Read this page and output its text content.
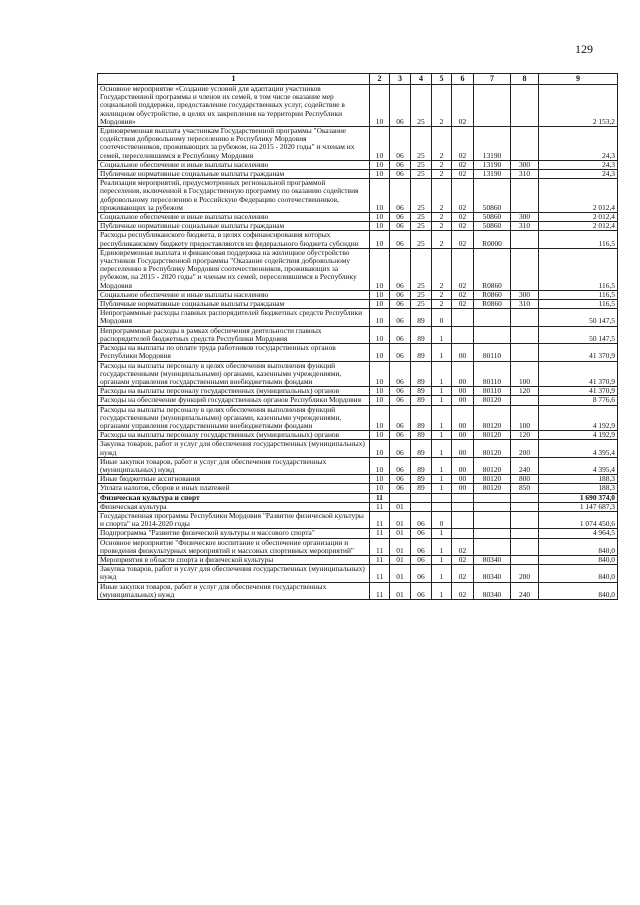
129
1	2	3	4	5	6	7	8	9
Основное мероприятие «Создание условий для адаптации участников Государственной программы и членов их семей, в том числе оказание мер социальной поддержки, предоставление государственных услуг, содействие в жилищном обустройстве, в целях их закрепления на территории Республики Мордовия»	10	06	25	2	02			2 153,2
Единовременная выплата участникам Государственной программы "Оказание содействия добровольному переселению в Республику Мордовия соотечественников, проживающих за рубежом, на 2015 - 2020 годы" и членам их семей, переселившимся в Республику Мордовия	10	06	25	2	02	13190		24,3
Социальное обеспечение и иные выплаты населению	10	06	25	2	02	13190	300	24,3
Публичные нормативные социальные выплаты гражданам	10	06	25	2	02	13190	310	24,3
Реализация мероприятий, предусмотренных региональной программой переселения, включенной в Государственную программу по оказанию содействия добровольному переселению в Российскую Федерацию соотечественников, проживающих за рубежом	10	06	25	2	02	50860		2 012,4
Социальное обеспечение и иные выплаты населению	10	06	25	2	02	50860	300	2 012,4
Публичные нормативные социальные выплаты гражданам	10	06	25	2	02	50860	310	2 012,4
Расходы республиканского бюджета, в целях софинансирования которых республиканскому бюджету предоставляются из федерального бюджета субсидии	10	06	25	2	02	R0000		116,5
Единовременная выплата и финансовая поддержка на жилищное обустройство участников Государственной программы "Оказание содействия добровольному переселению в Республику Мордовия соотечественников, проживающих за рубежом, на 2015 - 2020 годы" и членам их семей, переселившимся в Республику Мордовия	10	06	25	2	02	R0860		116,5
Социальное обеспечение и иные выплаты населению	10	06	25	2	02	R0860	300	116,5
Публичные нормативные социальные выплаты гражданам	10	06	25	2	02	R0860	310	116,5
Непрограммные расходы главных распорядителей бюджетных средств Республики Мордовия	10	06	89	0				50 147,5
Непрограммные расходы в рамках обеспечения деятельности главных распорядителей бюджетных средств Республики Мордовия	10	06	89	1				50 147,5
Расходы на выплаты по оплате труда работников государственных органов Республики Мордовия	10	06	89	1	00	80110		41 370,9
Расходы на выплаты персоналу в целях обеспечения выполнения функций государственными (муниципальными) органами, казенными учреждениями, органами управления государственными внебюджетными фондами	10	06	89	1	00	80110	100	41 370,9
Расходы на выплаты персоналу государственных (муниципальных) органов	10	06	89	1	00	80110	120	41 370,9
Расходы на обеспечение функций государственных органов Республики Мордовия	10	06	89	1	00	80120		8 776,6
Расходы на выплаты персоналу в целях обеспечения выполнения функций государственными (муниципальными) органами, казенными учреждениями, органами управления государственными внебюджетными фондами	10	06	89	1	00	80120	100	4 192,9
Расходы на выплаты персоналу государственных (муниципальных) органов	10	06	89	1	00	80120	120	4 192,9
Закупка товаров, работ и услуг для обеспечения государственных (муниципальных) нужд	10	06	89	1	00	80120	200	4 395,4
Иные закупки товаров, работ и услуг для обеспечения государственных (муниципальных) нужд	10	06	89	1	00	80120	240	4 395,4
Иные бюджетные ассигнования	10	06	89	1	00	80120	800	188,3
Уплата налогов, сборов и иных платежей	10	06	89	1	00	80120	850	188,3
Физическая культура и спорт	11							1 690 374,0
Физическая культура	11	01						1 147 687,3
Государственная программа Республики Мордовия "Развитие физической культуры и спорта" на 2014-2020 годы	11	01	06	0				1 074 450,6
Подпрограмма "Развитие физической культуры и массового спорта"	11	01	06	1				4 964,5
Основное мероприятие "Физическое воспитание и обеспечение организации и проведения физкультурных мероприятий и массовых спортивных мероприятий"	11	01	06	1	02			840,0
Мероприятия в области спорта и физической культуры	11	01	06	1	02	80340		840,0
Закупка товаров, работ и услуг для обеспечения государственных (муниципальных) нужд	11	01	06	1	02	80340	200	840,0
Иные закупки товаров, работ и услуг для обеспечения государственных (муниципальных) нужд	11	01	06	1	02	80340	240	840,0
